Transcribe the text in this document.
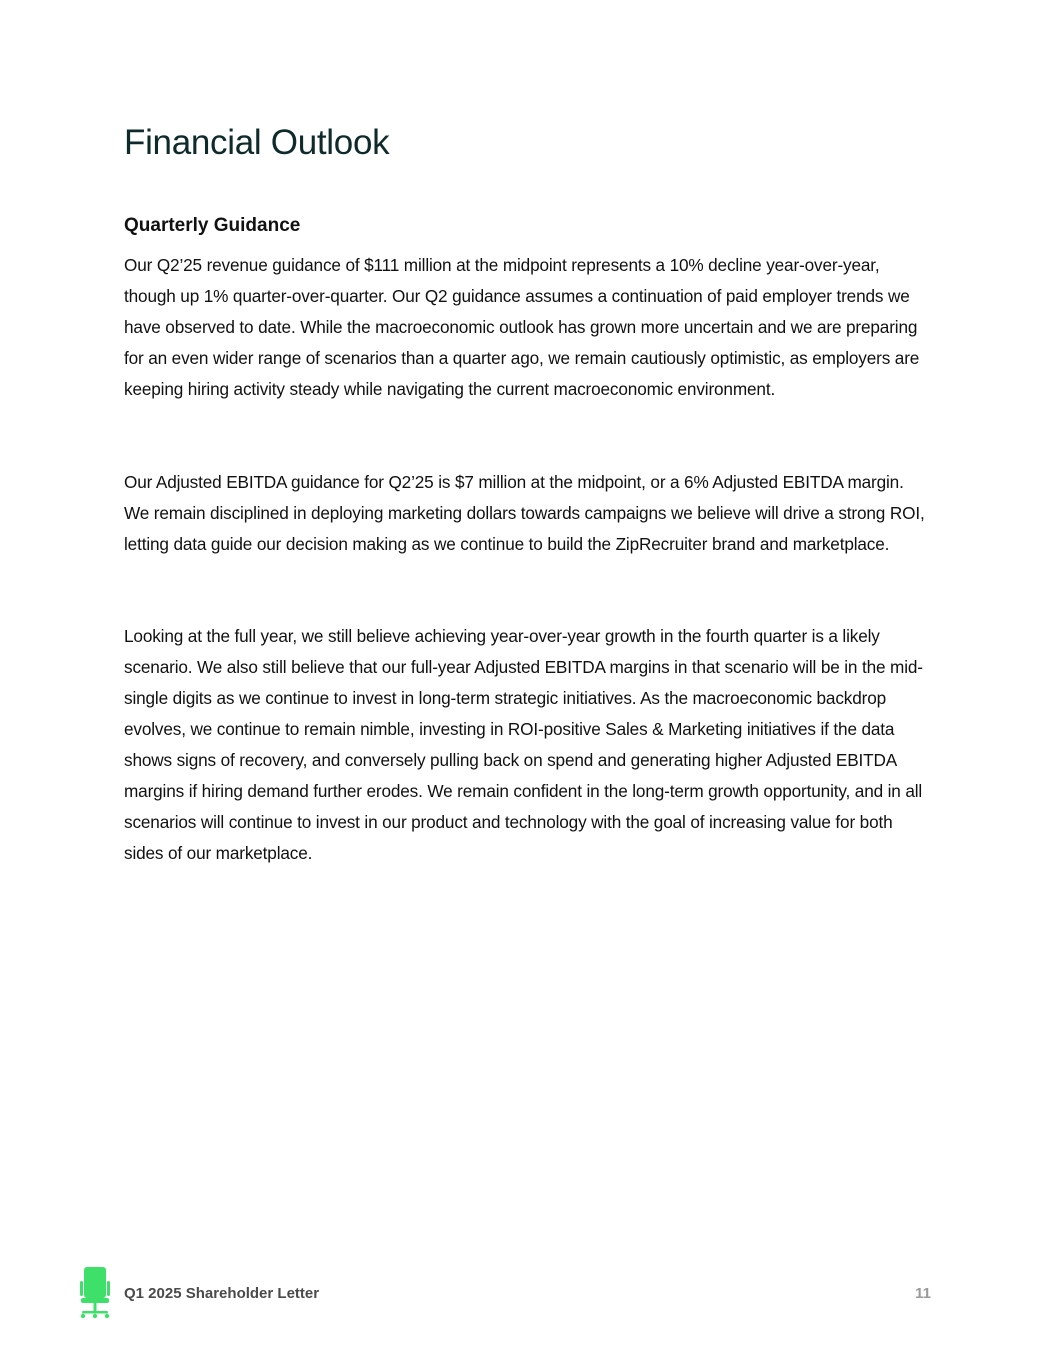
Financial Outlook
Quarterly Guidance

Our Q2’25 revenue guidance of $111 million at the midpoint represents a 10% decline year-over-year, though up 1% quarter-over-quarter. Our Q2 guidance assumes a continuation of paid employer trends we have observed to date. While the macroeconomic outlook has grown more uncertain and we are preparing for an even wider range of scenarios than a quarter ago, we remain cautiously optimistic, as employers are keeping hiring activity steady while navigating the current macroeconomic environment.

Our Adjusted EBITDA guidance for Q2’25 is $7 million at the midpoint, or a 6% Adjusted EBITDA margin. We remain disciplined in deploying marketing dollars towards campaigns we believe will drive a strong ROI, letting data guide our decision making as we continue to build the ZipRecruiter brand and marketplace.

Looking at the full year, we still believe achieving year-over-year growth in the fourth quarter is a likely scenario. We also still believe that our full-year Adjusted EBITDA margins in that scenario will be in the mid-single digits as we continue to invest in long-term strategic initiatives. As the macroeconomic backdrop evolves, we continue to remain nimble, investing in ROI-positive Sales & Marketing initiatives if the data shows signs of recovery, and conversely pulling back on spend and generating higher Adjusted EBITDA margins if hiring demand further erodes. We remain confident in the long-term growth opportunity, and in all scenarios will continue to invest in our product and technology with the goal of increasing value for both sides of our marketplace.

Q1 2025 Shareholder Letter	11
